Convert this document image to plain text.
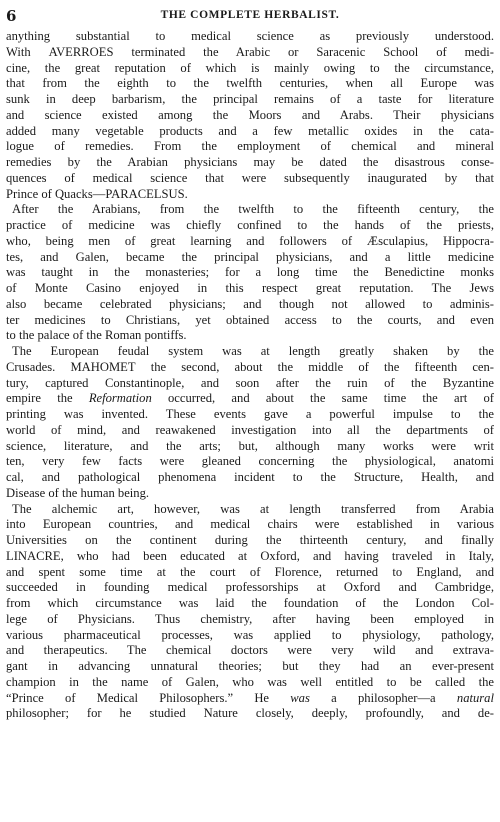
6	THE COMPLETE HERBALIST.
anything substantial to medical science as previously understood.
With AVERROES terminated the Arabic or Saracenic School of medi-
cine, the great reputation of which is mainly owing to the circumstance,
that from the eighth to the twelfth centuries, when all Europe was
sunk in deep barbarism, the principal remains of a taste for literature
and science existed among the Moors and Arabs. Their physicians
added many vegetable products and a few metallic oxides in the cata-
logue of remedies. From the employment of chemical and mineral
remedies by the Arabian physicians may be dated the disastrous conse-
quences of medical science that were subsequently inaugurated by that
Prince of Quacks—PARACELSUS.
After the Arabians, from the twelfth to the fifteenth century, the
practice of medicine was chiefly confined to the hands of the priests,
who, being men of great learning and followers of Æsculapius, Hippocra-
tes, and Galen, became the principal physicians, and a little medicine
was taught in the monasteries; for a long time the Benedictine monks
of Monte Casino enjoyed in this respect great reputation. The Jews
also became celebrated physicians; and though not allowed to adminis-
ter medicines to Christians, yet obtained access to the courts, and even
to the palace of the Roman pontiffs.
The European feudal system was at length greatly shaken by the
Crusades. MAHOMET the second, about the middle of the fifteenth cen-
tury, captured Constantinople, and soon after the ruin of the Byzantine
empire the Reformation occurred, and about the same time the art of
printing was invented. These events gave a powerful impulse to the
world of mind, and reawakened investigation into all the departments of
science, literature, and the arts; but, although many works were writ
ten, very few facts were gleaned concerning the physiological, anatomi
cal, and pathological phenomena incident to the Structure, Health, and
Disease of the human being.
The alchemic art, however, was at length transferred from Arabia
into European countries, and medical chairs were established in various
Universities on the continent during the thirteenth century, and finally
LINACRE, who had been educated at Oxford, and having traveled in Italy,
and spent some time at the court of Florence, returned to England, and
succeeded in founding medical professorships at Oxford and Cambridge,
from which circumstance was laid the foundation of the London Col-
lege of Physicians. Thus chemistry, after having been employed in
various pharmaceutical processes, was applied to physiology, pathology,
and therapeutics. The chemical doctors were very wild and extrava-
gant in advancing unnatural theories; but they had an ever-present
champion in the name of Galen, who was well entitled to be called the
“Prince of Medical Philosophers.” He was a philosopher—a natural
philosopher; for he studied Nature closely, deeply, profoundly, and de-
